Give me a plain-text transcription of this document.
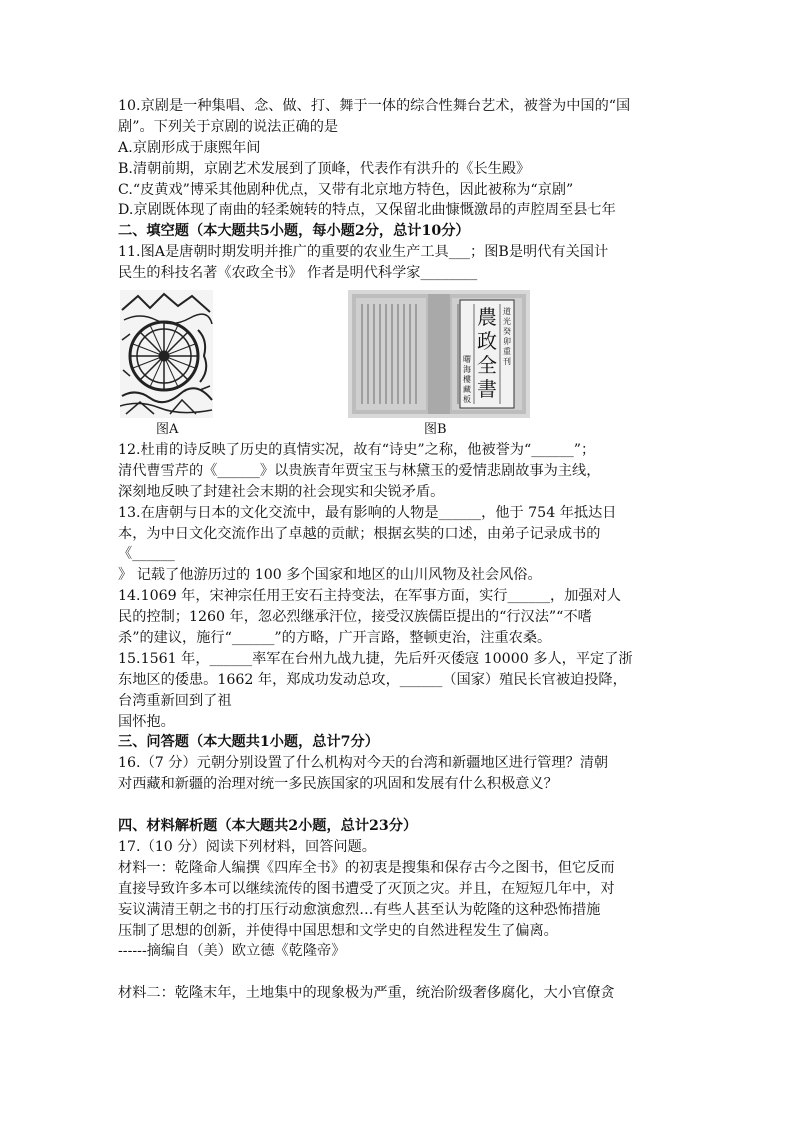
10.京剧是一种集唱、念、做、打、舞于一体的综合性舞台艺术，被誉为中国的“国
剧”。下列关于京剧的说法正确的是
A.京剧形成于康熙年间
B.清朝前期，京剧艺术发展到了顶峰，代表作有洪升的《长生殿》
C.“皮黄戏”博采其他剧种优点，又带有北京地方特色，因此被称为“京剧”
D.京剧既体现了南曲的轻柔婉转的特点，又保留北曲慷慨激昂的声腔周至县七年
二、填空题（本大题共5小题，每小题2分，总计10分）
11.图A是唐朝时期发明并推广的重要的农业生产工具___；图B是明代有关国计
民生的科技名著《农政全书》 作者是明代科学家________
農
政
全
書
道
光
癸
卯
重
刊
曙
海
樓
藏
板
图A	图B
12.杜甫的诗反映了历史的真情实况，故有“诗史”之称，他被誉为“______”；
清代曹雪芹的《______》以贵族青年贾宝玉与林黛玉的爱情悲剧故事为主线，
深刻地反映了封建社会末期的社会现实和尖锐矛盾。
13.在唐朝与日本的文化交流中，最有影响的人物是______，他于 754 年抵达日
本，为中日文化交流作出了卓越的贡献；根据玄奘的口述，由弟子记录成书的
《______
》 记载了他游历过的 100 多个国家和地区的山川风物及社会风俗。
14.1069 年，宋神宗任用王安石主持变法，在军事方面，实行______，加强对人
民的控制；1260 年，忽必烈继承汗位，接受汉族儒臣提出的“行汉法”“不嗜
杀”的建议，施行“______”的方略，广开言路，整顿吏治，注重农桑。
15.1561 年，______率军在台州九战九捷，先后歼灭倭寇 10000 多人，平定了浙
东地区的倭患。1662 年，郑成功发动总攻，______（国家）殖民长官被迫投降，
台湾重新回到了祖
国怀抱。
三、问答题（本大题共1小题，总计7分）
16.（7 分）元朝分别设置了什么机构对今天的台湾和新疆地区进行管理？清朝
对西藏和新疆的治理对统一多民族国家的巩固和发展有什么积极意义？
四、材料解析题（本大题共2小题，总计23分）
17.（10 分）阅读下列材料，回答问题。
材料一：乾隆命人编撰《四库全书》的初衷是搜集和保存古今之图书，但它反而
直接导致许多本可以继续流传的图书遭受了灭顶之灾。并且，在短短几年中，对
妄议满清王朝之书的打压行动愈演愈烈…有些人甚至认为乾隆的这种恐怖措施
压制了思想的创新，并使得中国思想和文学史的自然进程发生了偏离。
------摘编自（美）欧立德《乾隆帝》
材料二：乾隆末年，土地集中的现象极为严重，统治阶级奢侈腐化，大小官僚贪
